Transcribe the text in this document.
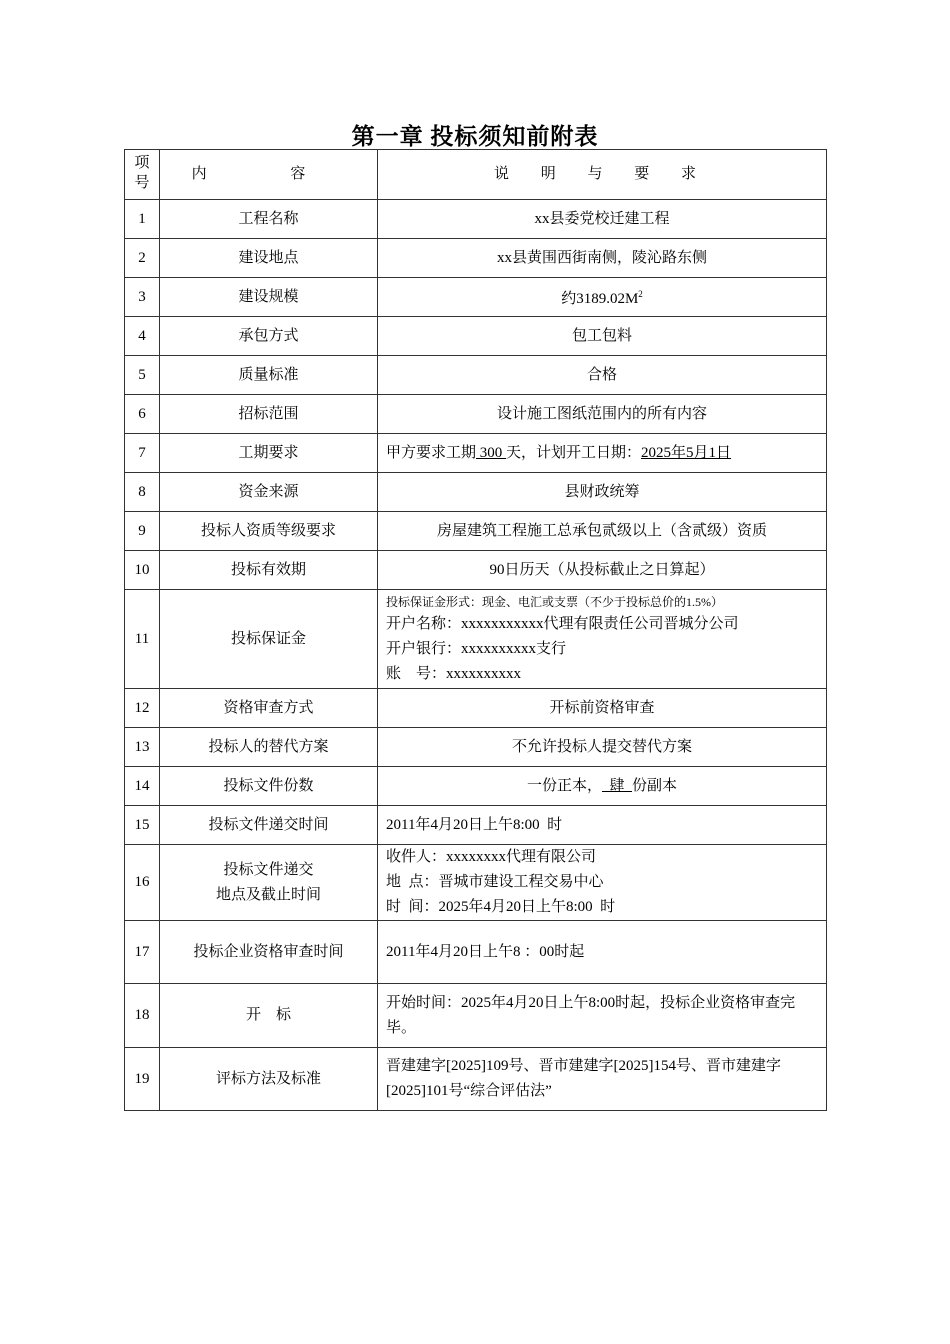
第一章 投标须知前附表
项号	内 容	说 明 与 要 求
1	工程名称	xx县委党校迁建工程
2	建设地点	xx县黄围西街南侧，陵沁路东侧
3	建设规模	约$3189.02M^2$
4	承包方式	包工包料
5	质量标准	合格
6	招标范围	设计施工图纸范围内的所有内容
7	工期要求	甲方要求工期 300 天，计划开工日期：2025年5月1日
8	资金来源	县财政统筹
9	投标人资质等级要求	房屋建筑工程施工总承包贰级以上（含贰级）资质
10	投标有效期	90日历天（从投标截止之日算起）
11	投标保证金	投标保证金形式：现金、电汇或支票（不少于投标总价的1.5%）
开户名称：xxxxxxxxxxx代理有限责任公司晋城分公司
开户银行：xxxxxxxxxx支行
账    号：xxxxxxxxxx

12	资格审查方式	开标前资格审查
13	投标人的替代方案	不允许投标人提交替代方案
14	投标文件份数	一份正本，  肆  份副本
15	投标文件递交时间	2011年4月20日上午8:00  时
16	投标文件递交
地点及截止时间	收件人：xxxxxxxx代理有限公司
地  点：晋城市建设工程交易中心
时  间：2025年4月20日上午8:00  时

17	投标企业资格审查时间	2011年4月20日上午8 ：00时起
18	开    标	开始时间：2025年4月20日上午8:00时起，投标企业资格审查完毕。
19	评标方法及标准	晋建建字[2025]109号、晋市建建字[2025]154号、晋市建建字[2025]101号“综合评估法”
